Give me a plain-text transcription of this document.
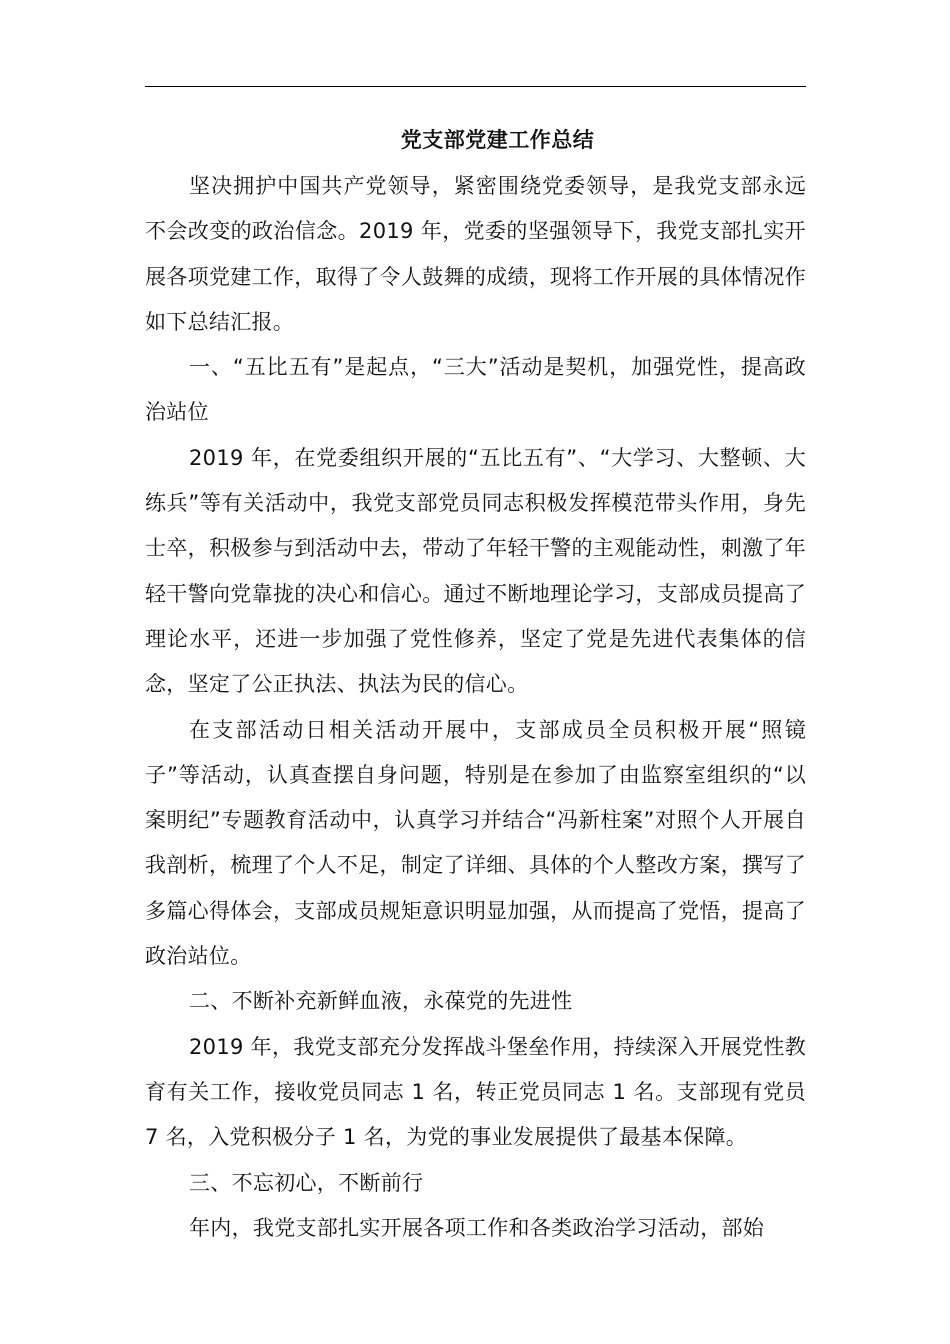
党支部党建工作总结

坚决拥护中国共产党领导，紧密围绕党委领导，是我党支部永远不会改变的政治信念。2019 年，党委的坚强领导下，我党支部扎实开展各项党建工作，取得了令人鼓舞的成绩，现将工作开展的具体情况作如下总结汇报。

一、“五比五有”是起点，“三大”活动是契机，加强党性，提高政治站位

2019 年，在党委组织开展的“五比五有”、“大学习、大整顿、大练兵”等有关活动中，我党支部党员同志积极发挥模范带头作用，身先士卒，积极参与到活动中去，带动了年轻干警的主观能动性，刺激了年轻干警向党靠拢的决心和信心。通过不断地理论学习，支部成员提高了理论水平，还进一步加强了党性修养，坚定了党是先进代表集体的信念，坚定了公正执法、执法为民的信心。

在支部活动日相关活动开展中，支部成员全员积极开展“照镜子”等活动，认真查摆自身问题，特别是在参加了由监察室组织的“以案明纪”专题教育活动中，认真学习并结合“冯新柱案”对照个人开展自我剖析，梳理了个人不足，制定了详细、具体的个人整改方案，撰写了多篇心得体会，支部成员规矩意识明显加强，从而提高了党悟，提高了政治站位。

二、不断补充新鲜血液，永葆党的先进性

2019 年，我党支部充分发挥战斗堡垒作用，持续深入开展党性教育有关工作，接收党员同志 1 名，转正党员同志 1 名。支部现有党员 7 名，入党积极分子 1 名，为党的事业发展提供了最基本保障。

三、不忘初心，不断前行

年内，我党支部扎实开展各项工作和各类政治学习活动，部始
